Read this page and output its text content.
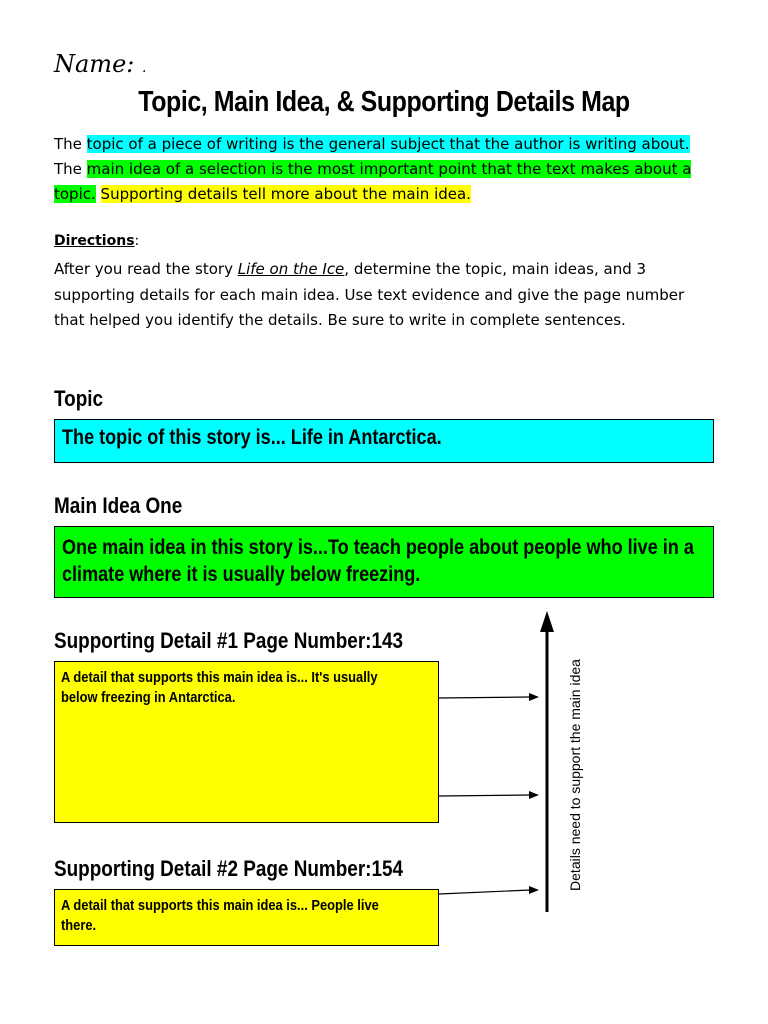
Name: .
Topic, Main Idea, & Supporting Details Map
The topic of a piece of writing is the general subject that the author is writing about. The main idea of a selection is the most important point that the text makes about a topic. Supporting details tell more about the main idea.
Directions:
After you read the story Life on the Ice, determine the topic, main ideas, and 3 supporting details for each main idea. Use text evidence and give the page number that helped you identify the details. Be sure to write in complete sentences.
Topic
The topic of this story is... Life in Antarctica.
Main Idea One
One main idea in this story is...To teach people about people who live in a climate where it is usually below freezing.
Supporting Detail #1 Page Number:143
A detail that supports this main idea is... It's usually below freezing in Antarctica.
Supporting Detail #2 Page Number:154
A detail that supports this main idea is... People live there.
Details need to support the main idea
